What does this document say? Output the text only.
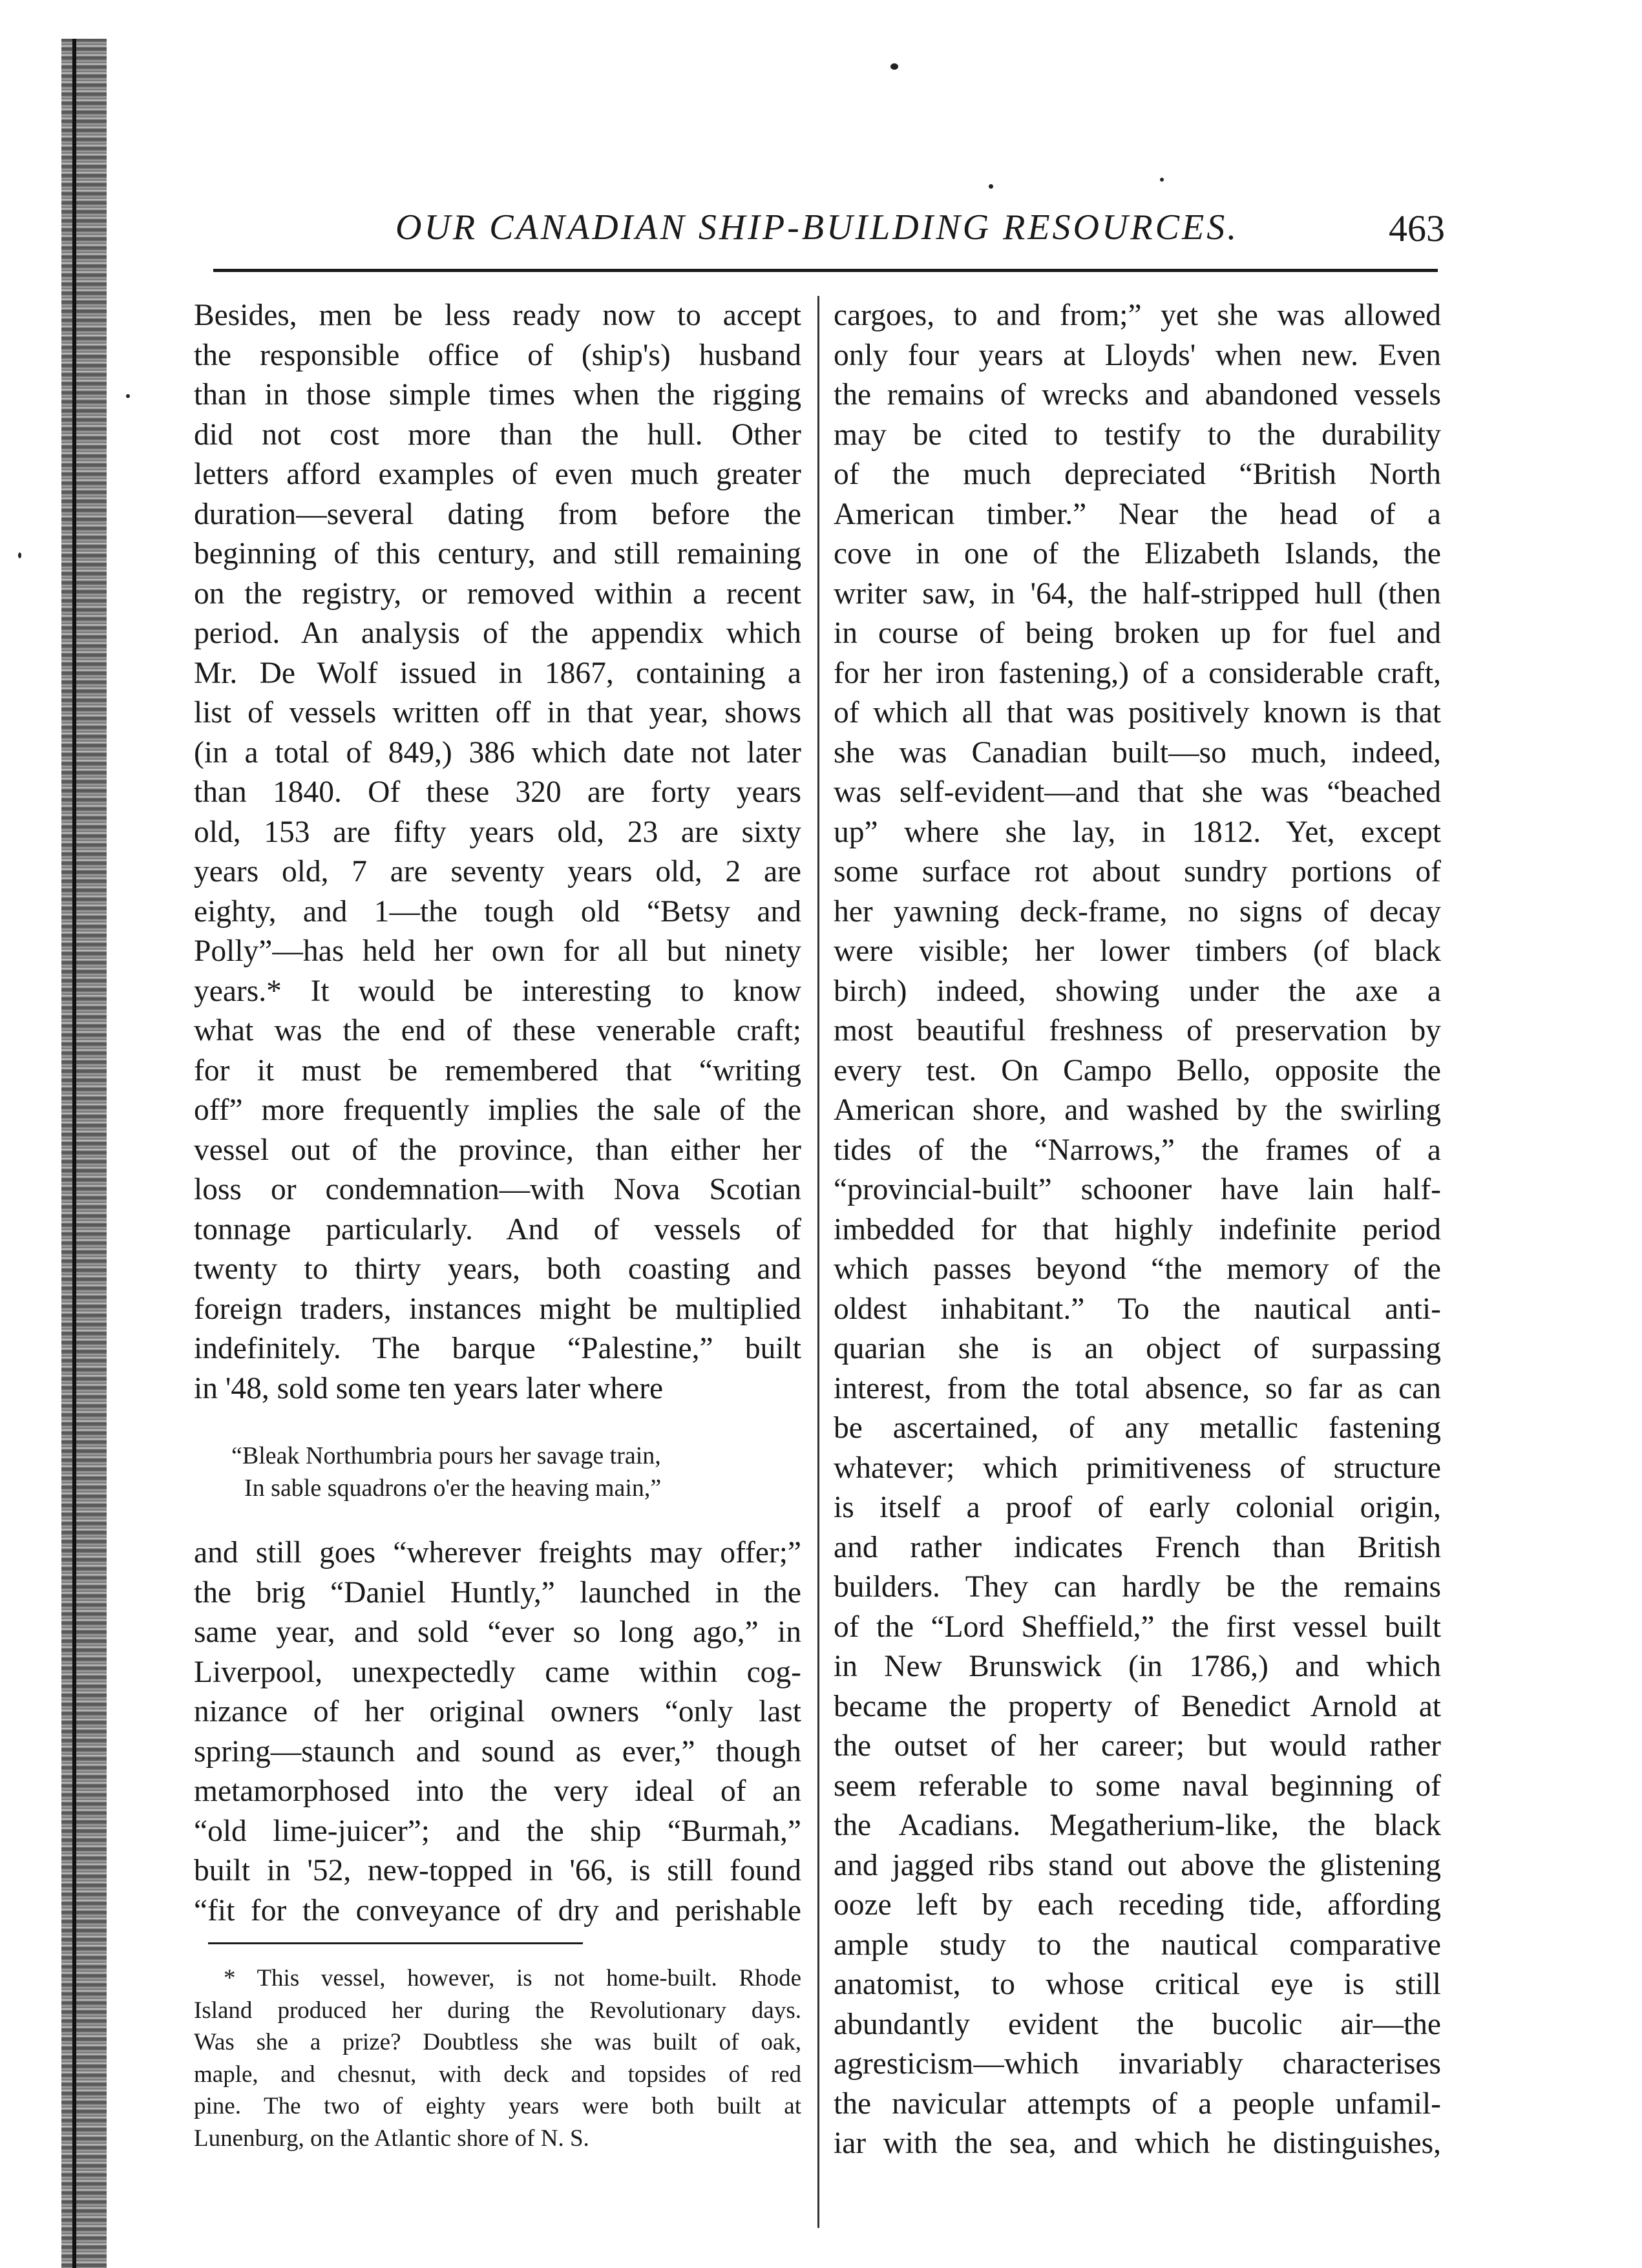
OUR CANADIAN SHIP-BUILDING RESOURCES.	463

Besides, men be less ready now to accept

the responsible office of (ship's) husband

than in those simple times when the rigging

did not cost more than the hull. Other

letters afford examples of even much greater

duration—several dating from before the

beginning of this century, and still remaining

on the registry, or removed within a recent

period. An analysis of the appendix which

Mr. De Wolf issued in 1867, containing a

list of vessels written off in that year, shows

(in a total of 849,) 386 which date not later

than 1840. Of these 320 are forty years

old, 153 are fifty years old, 23 are sixty

years old, 7 are seventy years old, 2 are

eighty, and 1—the tough old “Betsy and

Polly”—has held her own for all but ninety

years.* It would be interesting to know

what was the end of these venerable craft;

for it must be remembered that “writing

off” more frequently implies the sale of the

vessel out of the province, than either her

loss or condemnation—with Nova Scotian

tonnage particularly. And of vessels of

twenty to thirty years, both coasting and

foreign traders, instances might be multiplied

indefinitely. The barque “Palestine,” built

in '48, sold some ten years later where

“Bleak Northumbria pours her savage train,
In sable squadrons o'er the heaving main,”

and still goes “wherever freights may offer;”

the brig “Daniel Huntly,” launched in the

same year, and sold “ever so long ago,” in

Liverpool, unexpectedly came within cog-

nizance of her original owners “only last

spring—staunch and sound as ever,” though

metamorphosed into the very ideal of an

“old lime-juicer”; and the ship “Burmah,”

built in '52, new-topped in '66, is still found

“fit for the conveyance of dry and perishable

* This vessel, however, is not home-built. Rhode

Island produced her during the Revolutionary days.

Was she a prize? Doubtless she was built of oak,

maple, and chesnut, with deck and topsides of red

pine. The two of eighty years were both built at

Lunenburg, on the Atlantic shore of N. S.

cargoes, to and from;” yet she was allowed

only four years at Lloyds' when new. Even

the remains of wrecks and abandoned vessels

may be cited to testify to the durability

of the much depreciated “British North

American timber.” Near the head of a

cove in one of the Elizabeth Islands, the

writer saw, in '64, the half-stripped hull (then

in course of being broken up for fuel and

for her iron fastening,) of a considerable craft,

of which all that was positively known is that

she was Canadian built—so much, indeed,

was self-evident—and that she was “beached

up” where she lay, in 1812. Yet, except

some surface rot about sundry portions of

her yawning deck-frame, no signs of decay

were visible; her lower timbers (of black

birch) indeed, showing under the axe a

most beautiful freshness of preservation by

every test. On Campo Bello, opposite the

American shore, and washed by the swirling

tides of the “Narrows,” the frames of a

“provincial-built” schooner have lain half-

imbedded for that highly indefinite period

which passes beyond “the memory of the

oldest inhabitant.” To the nautical anti-

quarian she is an object of surpassing

interest, from the total absence, so far as can

be ascertained, of any metallic fastening

whatever; which primitiveness of structure

is itself a proof of early colonial origin,

and rather indicates French than British

builders. They can hardly be the remains

of the “Lord Sheffield,” the first vessel built

in New Brunswick (in 1786,) and which

became the property of Benedict Arnold at

the outset of her career; but would rather

seem referable to some naval beginning of

the Acadians. Megatherium-like, the black

and jagged ribs stand out above the glistening

ooze left by each receding tide, affording

ample study to the nautical comparative

anatomist, to whose critical eye is still

abundantly evident the bucolic air—the

agresticism—which invariably characterises

the navicular attempts of a people unfamil-

iar with the sea, and which he distinguishes,
